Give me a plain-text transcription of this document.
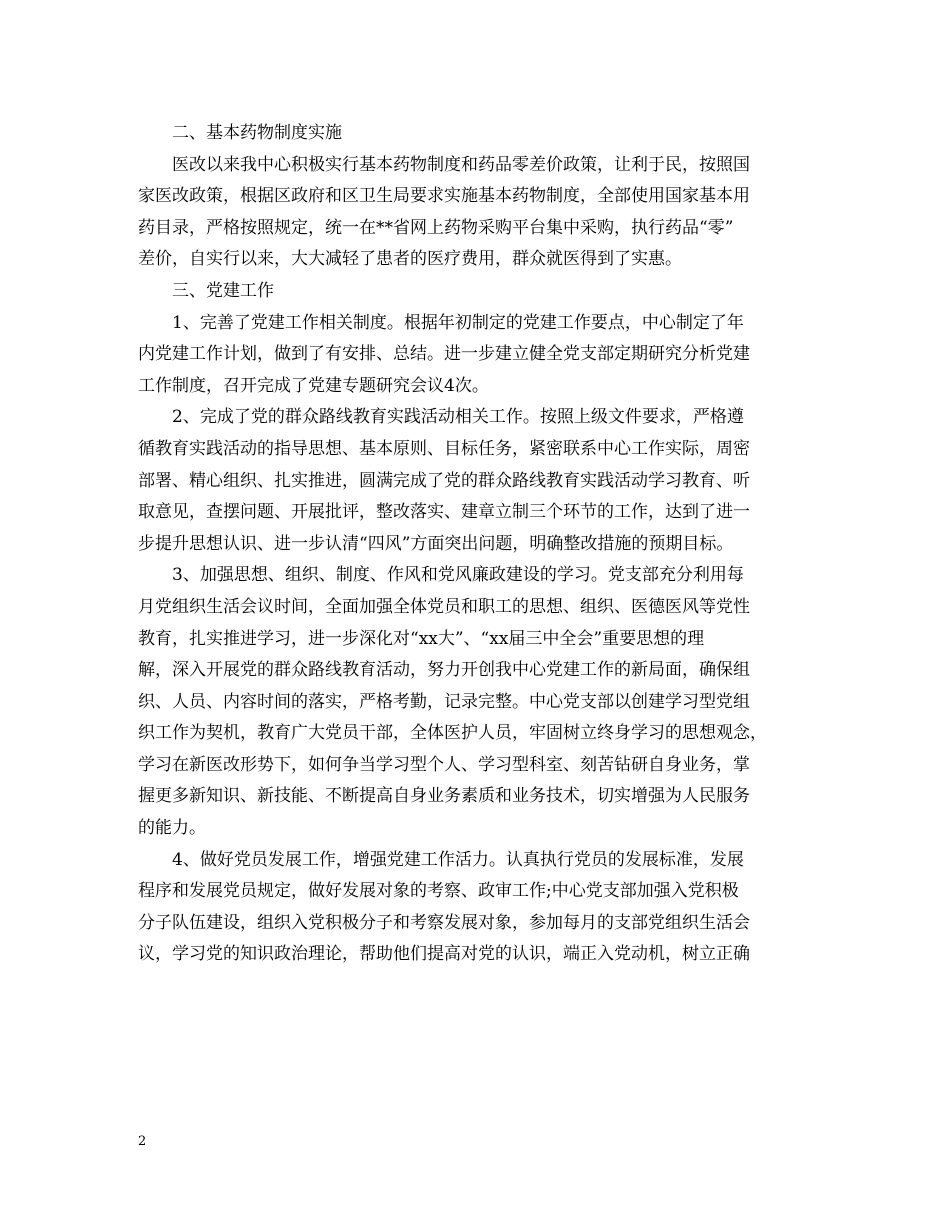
二、基本药物制度实施
医改以来我中心积极实行基本药物制度和药品零差价政策，让利于民，按照国
家医改政策，根据区政府和区卫生局要求实施基本药物制度，全部使用国家基本用
药目录，严格按照规定，统一在**省网上药物采购平台集中采购，执行药品“零”
差价，自实行以来，大大减轻了患者的医疗费用，群众就医得到了实惠。
三、党建工作
1、完善了党建工作相关制度。根据年初制定的党建工作要点，中心制定了年
内党建工作计划，做到了有安排、总结。进一步建立健全党支部定期研究分析党建
工作制度，召开完成了党建专题研究会议4次。
2、完成了党的群众路线教育实践活动相关工作。按照上级文件要求，严格遵
循教育实践活动的指导思想、基本原则、目标任务，紧密联系中心工作实际，周密
部署、精心组织、扎实推进，圆满完成了党的群众路线教育实践活动学习教育、听
取意见，查摆问题、开展批评，整改落实、建章立制三个环节的工作，达到了进一
步提升思想认识、进一步认清“四风”方面突出问题，明确整改措施的预期目标。
3、加强思想、组织、制度、作风和党风廉政建设的学习。党支部充分利用每
月党组织生活会议时间，全面加强全体党员和职工的思想、组织、医德医风等党性
教育，扎实推进学习，进一步深化对“xx大”、“xx届三中全会”重要思想的理
解，深入开展党的群众路线教育活动，努力开创我中心党建工作的新局面，确保组
织、人员、内容时间的落实，严格考勤，记录完整。中心党支部以创建学习型党组
织工作为契机，教育广大党员干部，全体医护人员，牢固树立终身学习的思想观念，
学习在新医改形势下，如何争当学习型个人、学习型科室、刻苦钻研自身业务，掌
握更多新知识、新技能、不断提高自身业务素质和业务技术，切实增强为人民服务
的能力。
4、做好党员发展工作，增强党建工作活力。认真执行党员的发展标准，发展
程序和发展党员规定，做好发展对象的考察、政审工作;中心党支部加强入党积极
分子队伍建设，组织入党积极分子和考察发展对象，参加每月的支部党组织生活会
议，学习党的知识政治理论，帮助他们提高对党的认识，端正入党动机，树立正确
2
